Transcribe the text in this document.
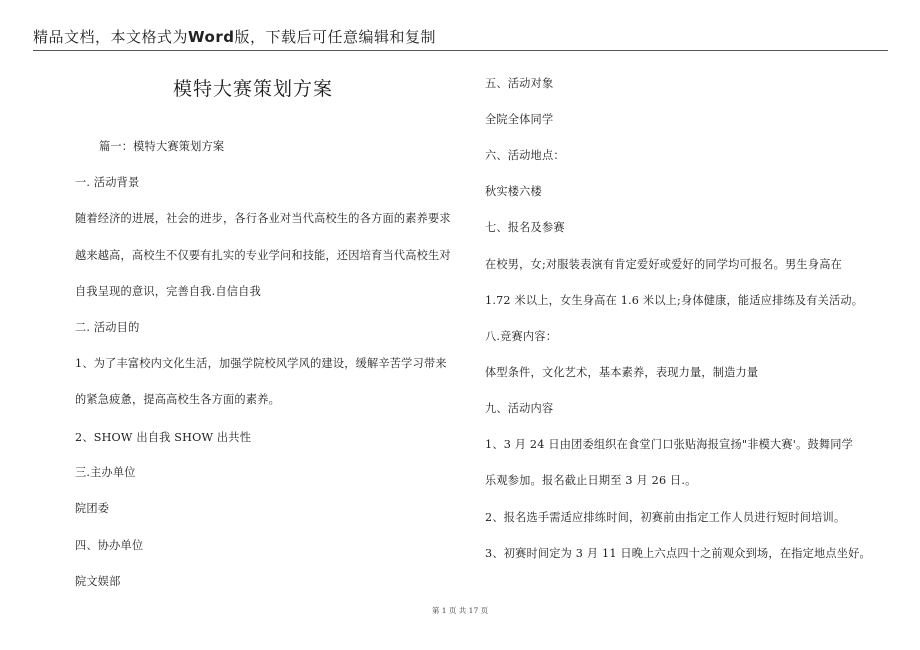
精品文档，本文格式为Word版，下载后可任意编辑和复制
模特大赛策划方案
篇一：模特大赛策划方案
一. 活动背景
随着经济的进展，社会的进步，各行各业对当代高校生的各方面的素养要求
越来越高，高校生不仅要有扎实的专业学问和技能，还因培育当代高校生对
自我呈现的意识，完善自我.自信自我
二. 活动目的
1、为了丰富校内文化生活，加强学院校风学风的建设，缓解辛苦学习带来
的紧急疲惫，提高高校生各方面的素养。
2、SHOW 出自我 SHOW 出共性
三.主办单位
院团委
四、协办单位
院文娱部
五、活动对象
全院全体同学
六、活动地点：
秋实楼六楼
七、报名及参赛
在校男，女;对服装表演有肯定爱好或爱好的同学均可报名。男生身高在
1.72 米以上，女生身高在 1.6 米以上;身体健康，能适应排练及有关活动。
八.竞赛内容：
体型条件，文化艺术，基本素养，表现力量，制造力量
九、活动内容
1、3 月 24 日由团委组织在食堂门口张贴海报宣扬"非模大赛'。鼓舞同学
乐观参加。报名截止日期至 3 月 26 日.。
2、报名选手需适应排练时间，初赛前由指定工作人员进行短时间培训。
3、初赛时间定为 3 月 11 日晚上六点四十之前观众到场，在指定地点坐好。
第 1 页 共 17 页
